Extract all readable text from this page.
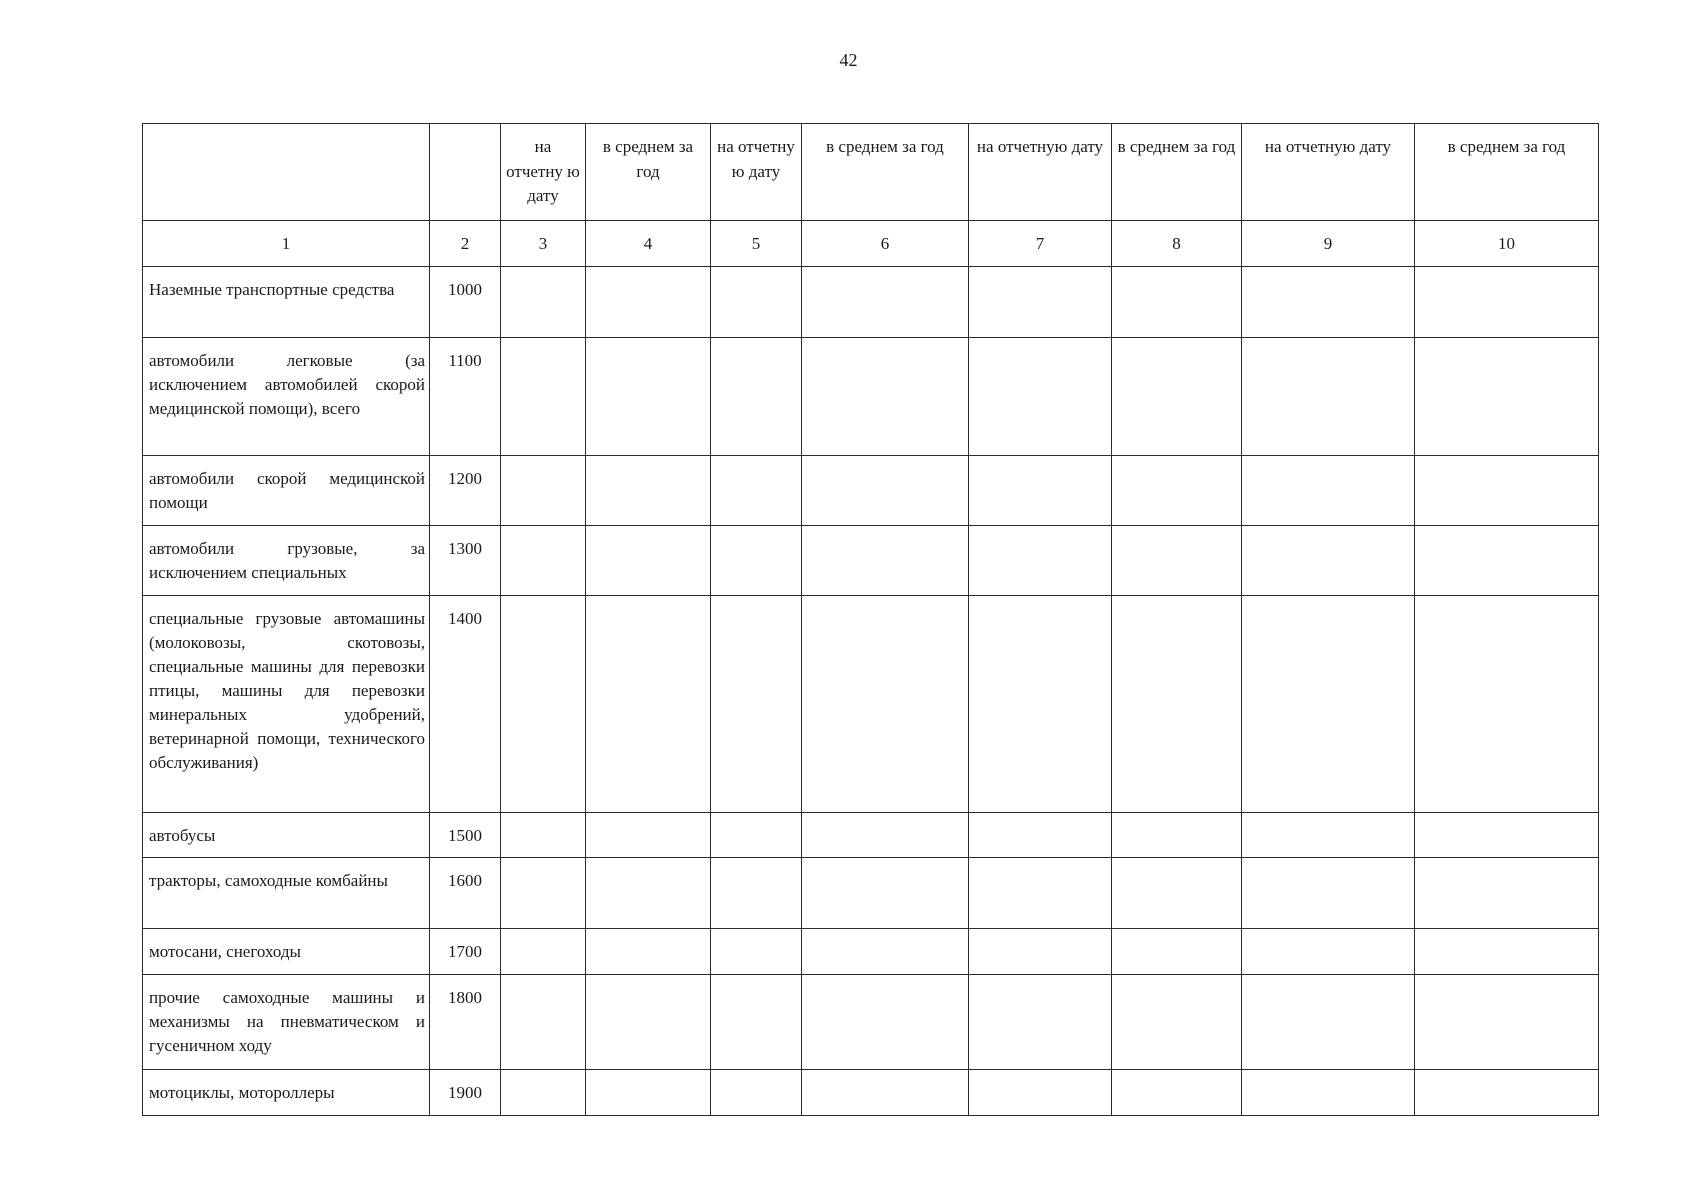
42
		на отчетну ю дату	в среднем за год	на отчетну ю дату	в среднем за год	на отчетную дату	в среднем за год	на отчетную дату	в среднем за год
1	2	3	4	5	6	7	8	9	10
Наземные транспортные средства	1000								
автомобили легковые (за исключением автомобилей скорой медицинской помощи), всего	1100								
автомобили скорой медицинской помощи	1200								
автомобили грузовые, за исключением специальных	1300								
специальные грузовые автомашины (молоковозы, скотовозы, специальные машины для перевозки птицы, машины для перевозки минеральных удобрений, ветеринарной помощи, технического обслуживания)	1400								
автобусы	1500								
тракторы, самоходные комбайны	1600								
мотосани, снегоходы	1700								
прочие самоходные машины и механизмы на пневматическом и гусеничном ходу	1800								
мотоциклы, мотороллеры	1900								
